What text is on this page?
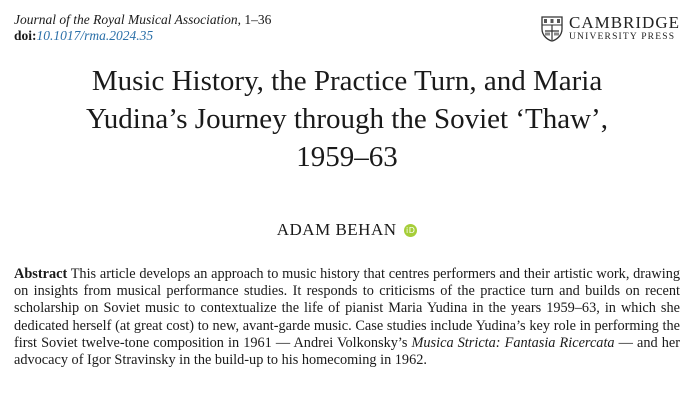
Journal of the Royal Musical Association, 1–36
doi:10.1017/rma.2024.35
CAMBRIDGE
UNIVERSITY PRESS
Music History, the Practice Turn, and Maria
Yudina’s Journey through the Soviet ‘Thaw’,
1959–63
ADAM BEHAN iD

Abstract This article develops an approach to music history that centres performers and their artistic work, drawing on insights from musical performance studies. It responds to criticisms of the practice turn and builds on recent scholarship on Soviet music to contextualize the life of pianist Maria Yudina in the years 1959–63, in which she dedicated herself (at great cost) to new, avant-garde music. Case studies include Yudina’s key role in performing the first Soviet twelve-tone composition in 1961 — Andrei Volkonsky’s Musica Stricta: Fantasia Ricercata — and her advocacy of Igor Stravinsky in the build-up to his homecoming in 1962.
